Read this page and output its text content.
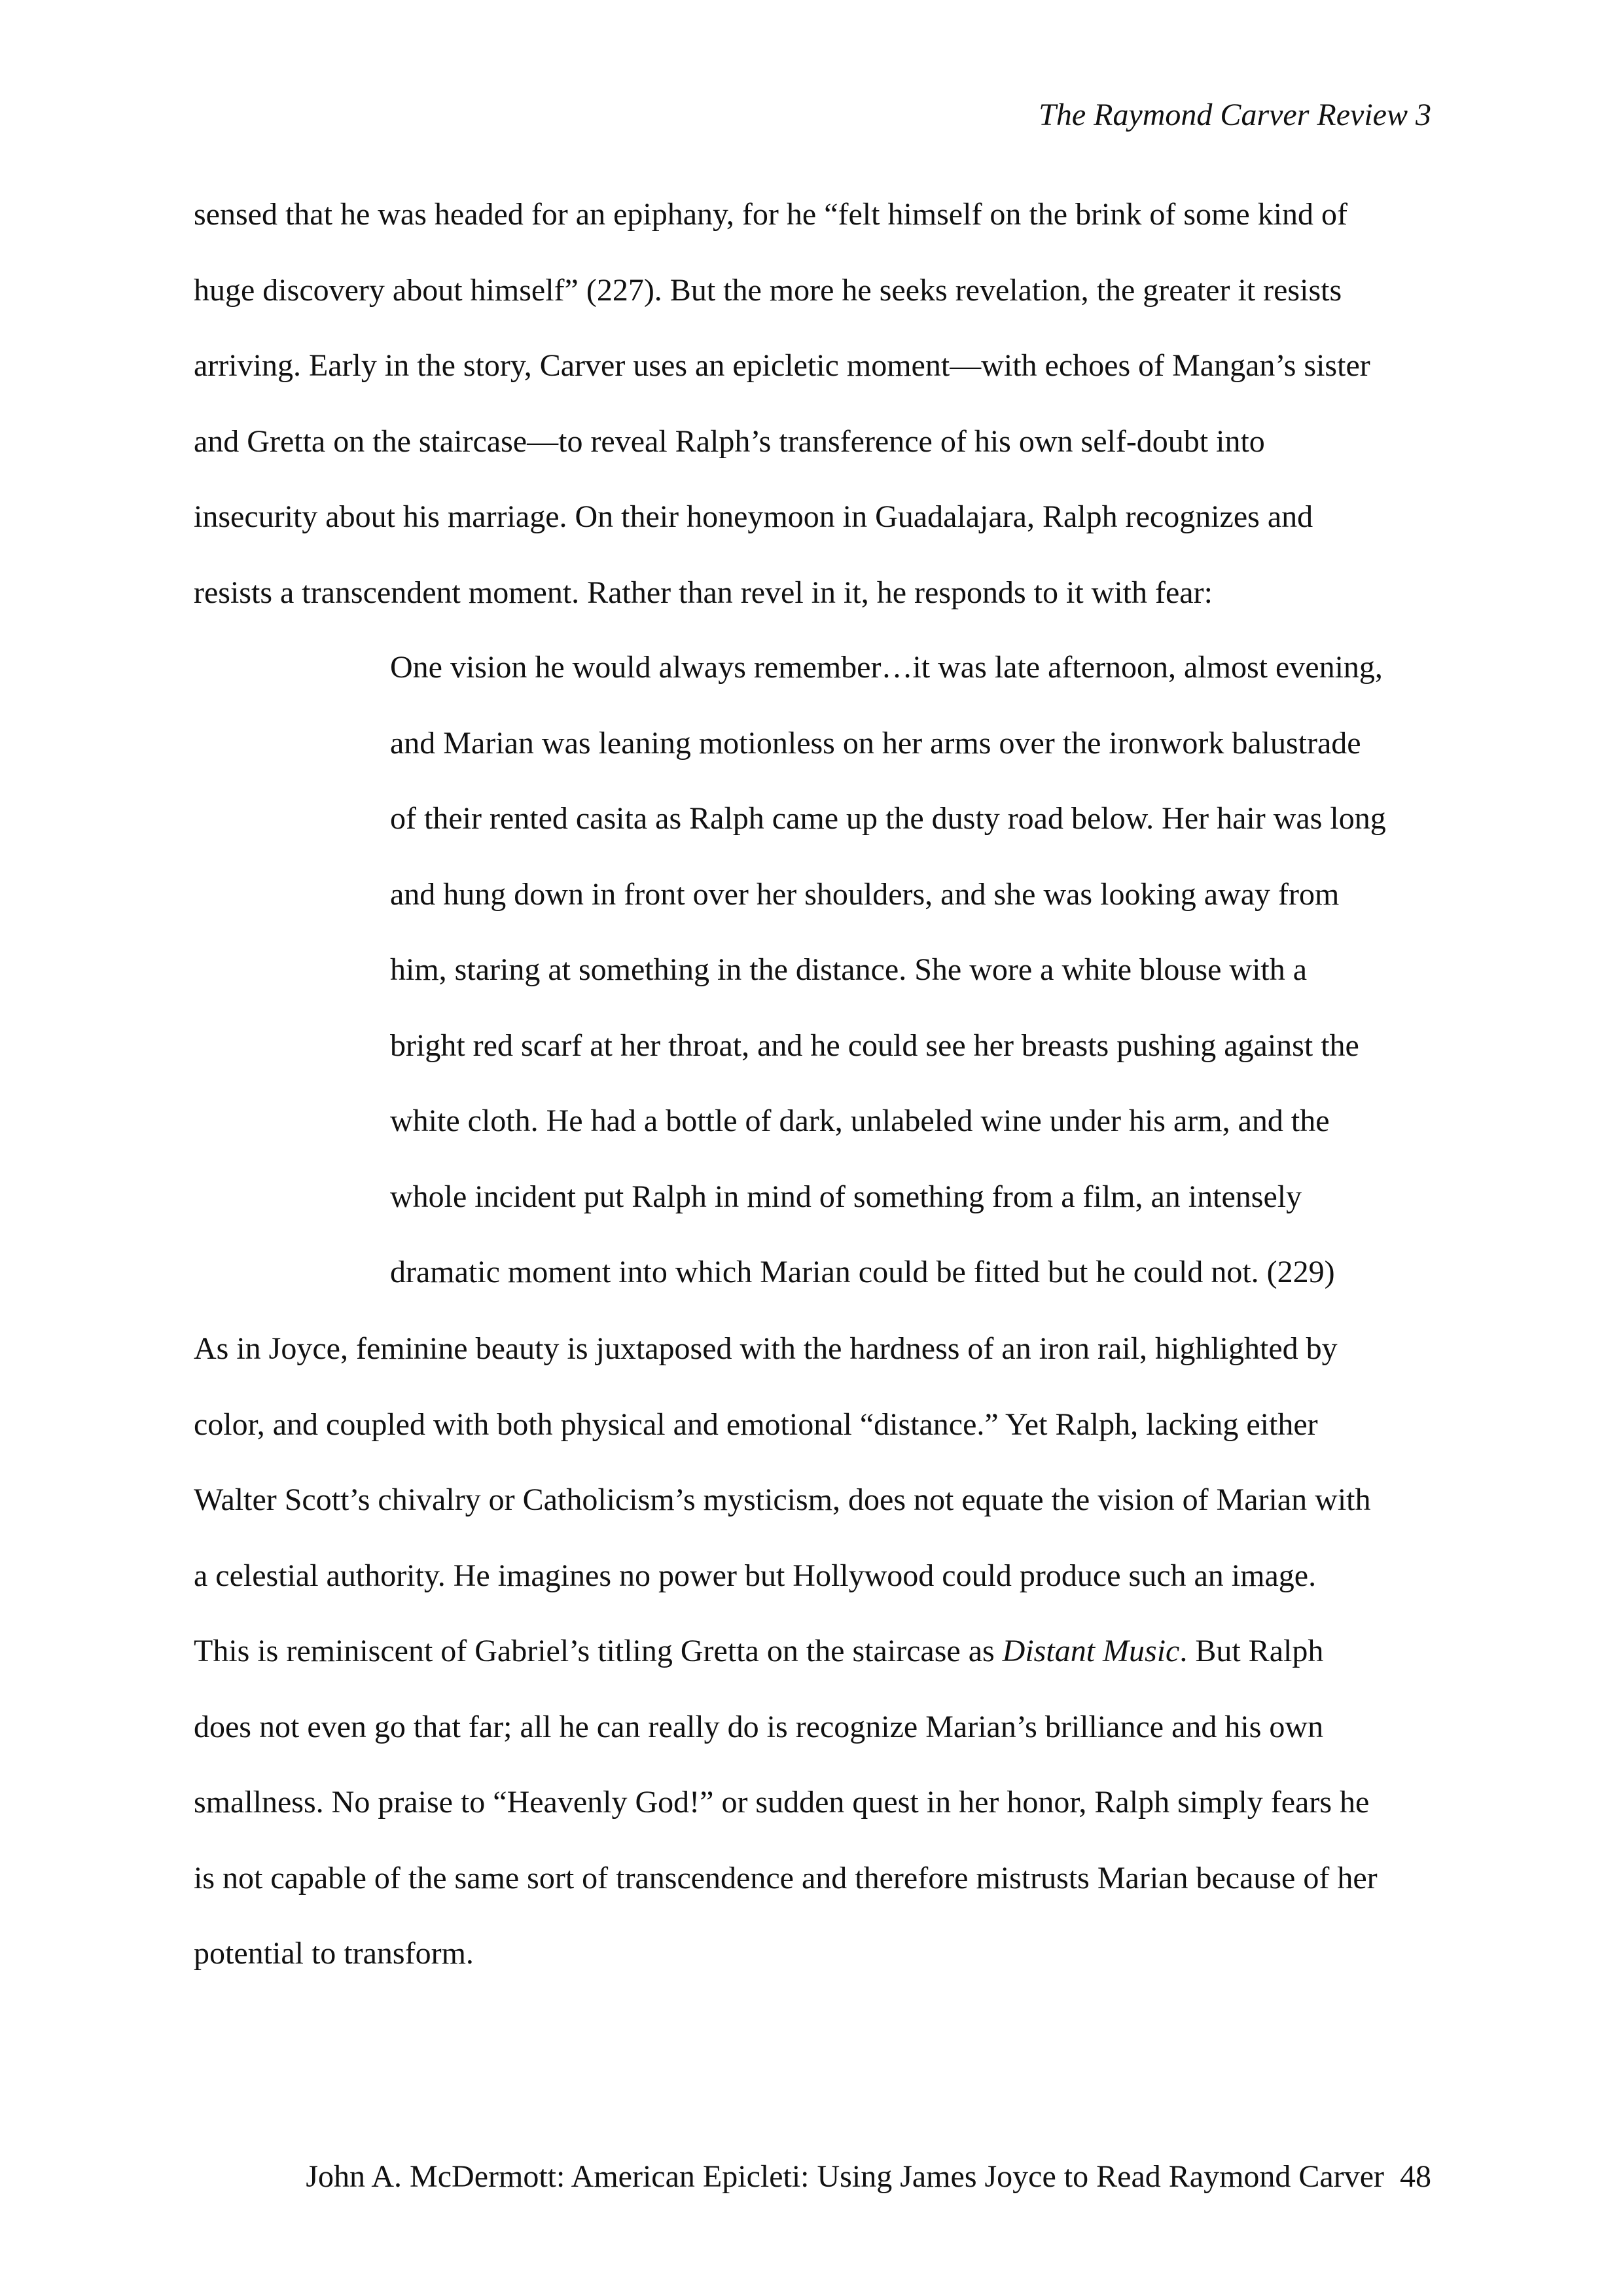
The Raymond Carver Review 3
sensed that he was headed for an epiphany, for he “felt himself on the brink of some kind of
huge discovery about himself” (227). But the more he seeks revelation, the greater it resists
arriving. Early in the story, Carver uses an epicletic moment—with echoes of Mangan’s sister
and Gretta on the staircase—to reveal Ralph’s transference of his own self-doubt into
insecurity about his marriage. On their honeymoon in Guadalajara, Ralph recognizes and
resists a transcendent moment. Rather than revel in it, he responds to it with fear:
One vision he would always remember…it was late afternoon, almost evening,
and Marian was leaning motionless on her arms over the ironwork balustrade
of their rented casita as Ralph came up the dusty road below. Her hair was long
and hung down in front over her shoulders, and she was looking away from
him, staring at something in the distance. She wore a white blouse with a
bright red scarf at her throat, and he could see her breasts pushing against the
white cloth. He had a bottle of dark, unlabeled wine under his arm, and the
whole incident put Ralph in mind of something from a film, an intensely
dramatic moment into which Marian could be fitted but he could not. (229)
As in Joyce, feminine beauty is juxtaposed with the hardness of an iron rail, highlighted by
color, and coupled with both physical and emotional “distance.” Yet Ralph, lacking either
Walter Scott’s chivalry or Catholicism’s mysticism, does not equate the vision of Marian with
a celestial authority. He imagines no power but Hollywood could produce such an image.
This is reminiscent of Gabriel’s titling Gretta on the staircase as Distant Music. But Ralph
does not even go that far; all he can really do is recognize Marian’s brilliance and his own
smallness. No praise to “Heavenly God!” or sudden quest in her honor, Ralph simply fears he
is not capable of the same sort of transcendence and therefore mistrusts Marian because of her
potential to transform.
John A. McDermott: American Epicleti: Using James Joyce to Read Raymond Carver 48
